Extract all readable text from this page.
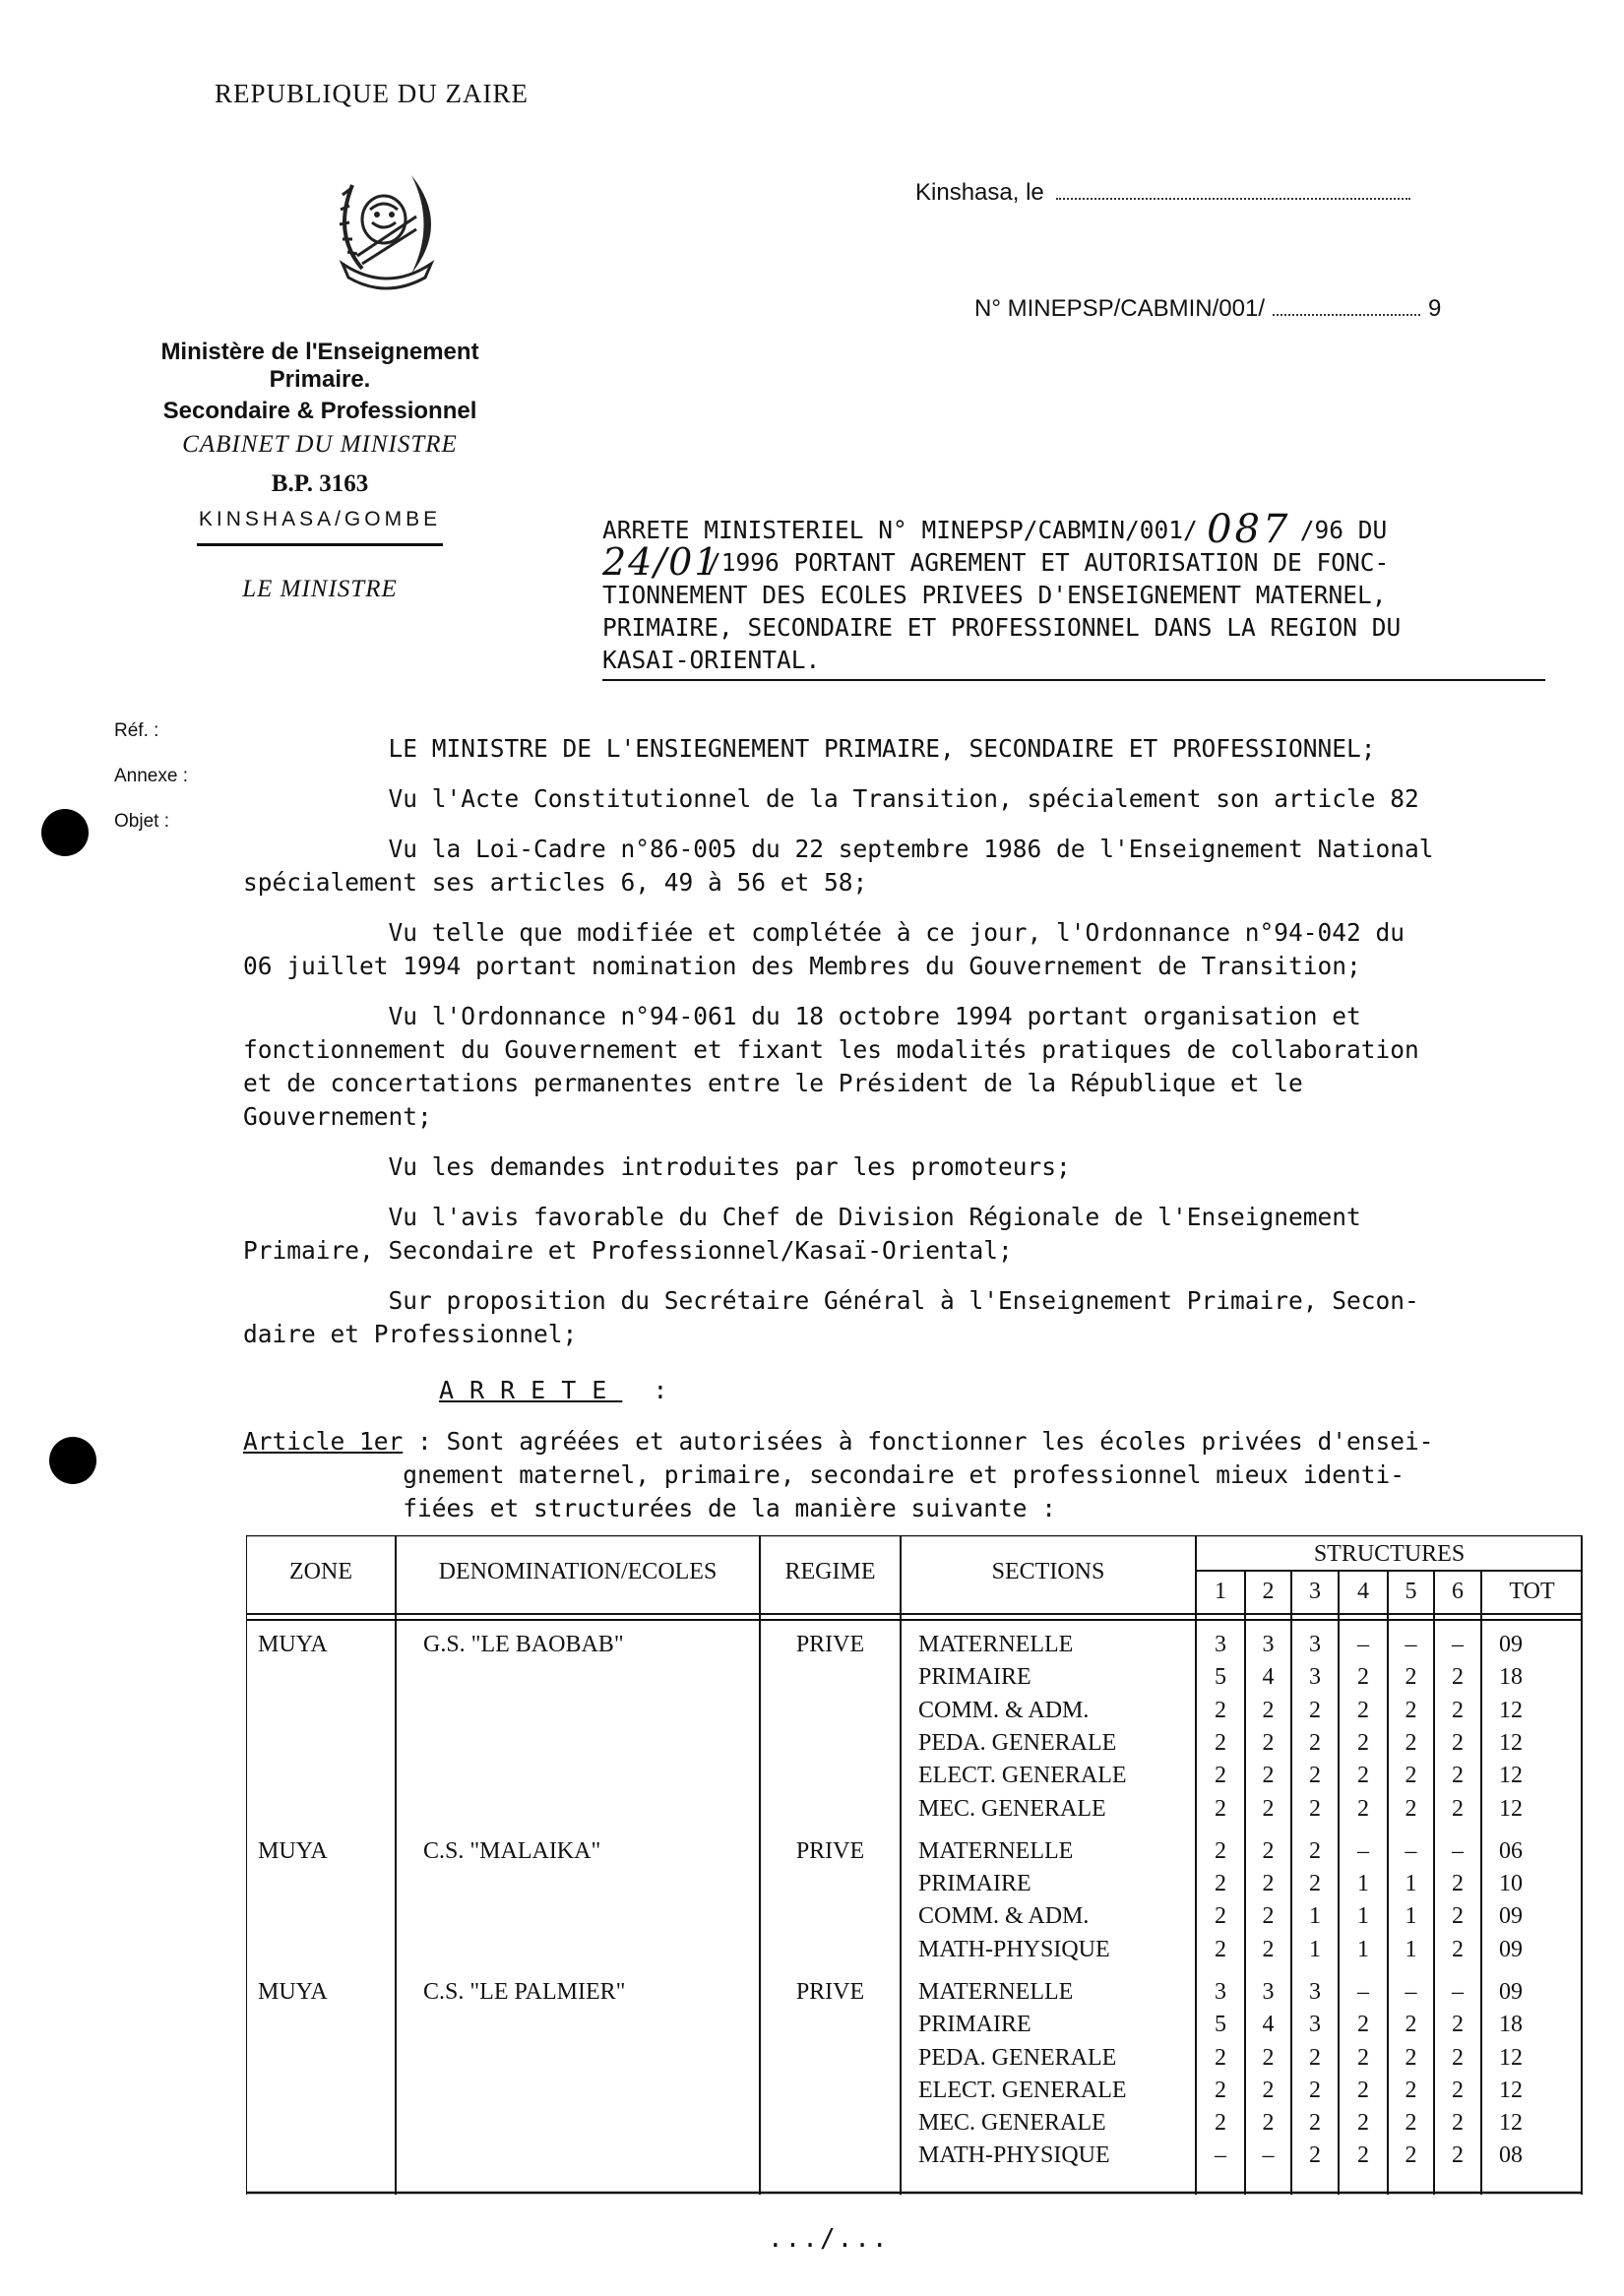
REPUBLIQUE DU ZAIRE
Kinshasa, le
N° MINEPSP/CABMIN/001/	9
Ministère de l'Enseignement Primaire.
Secondaire & Professionnel
CABINET DU MINISTRE
B.P. 3163
KINSHASA/GOMBE
LE MINISTRE
Réf. :
Annexe :
Objet :
ARRETE MINISTERIEL N° MINEPSP/CABMIN/001/ 087 /96 DU
24/01/1996 PORTANT AGREMENT ET AUTORISATION DE FONC-
TIONNEMENT DES ECOLES PRIVEES D'ENSEIGNEMENT MATERNEL,
PRIMAIRE, SECONDAIRE ET PROFESSIONNEL DANS LA REGION DU
KASAI-ORIENTAL.

LE MINISTRE DE L'ENSIEGNEMENT PRIMAIRE, SECONDAIRE ET PROFESSIONNEL;

Vu l'Acte Constitutionnel de la Transition, spécialement son article 82

Vu la Loi-Cadre n°86-005 du 22 septembre 1986 de l'Enseignement National
spécialement ses articles 6, 49 à 56 et 58;

Vu telle que modifiée et complétée à ce jour, l'Ordonnance n°94-042 du
06 juillet 1994 portant nomination des Membres du Gouvernement de Transition;

Vu l'Ordonnance n°94-061 du 18 octobre 1994 portant organisation et
fonctionnement du Gouvernement et fixant les modalités pratiques de collaboration
et de concertations permanentes entre le Président de la République et le
Gouvernement;

Vu les demandes introduites par les promoteurs;

Vu l'avis favorable du Chef de Division Régionale de l'Enseignement
Primaire, Secondaire et Professionnel/Kasaï-Oriental;

Sur proposition du Secrétaire Général à l'Enseignement Primaire, Secon-
daire et Professionnel;

ARRETE :
Article 1er : Sont agréées et autorisées à fonctionner les écoles privées d'ensei-
gnement maternel, primaire, secondaire et professionnel mieux identi-
fiées et structurées de la manière suivante :
ZONE	DENOMINATION/ECOLES	REGIME	SECTIONS
STRUCTURES
1	2	3	4	5	6	TOT
MUYA	G.S. "LE BAOBAB"	PRIVE	MATERNELLE	3	3	3	–	–	–	09
PRIMAIRE	5	4	3	2	2	2	18
COMM. & ADM.	2	2	2	2	2	2	12
PEDA. GENERALE	2	2	2	2	2	2	12
ELECT. GENERALE	2	2	2	2	2	2	12
MEC. GENERALE	2	2	2	2	2	2	12
MUYA	C.S. "MALAIKA"	PRIVE	MATERNELLE	2	2	2	–	–	–	06
PRIMAIRE	2	2	2	1	1	2	10
COMM. & ADM.	2	2	1	1	1	2	09
MATH-PHYSIQUE	2	2	1	1	1	2	09
MUYA	C.S. "LE PALMIER"	PRIVE	MATERNELLE	3	3	3	–	–	–	09
PRIMAIRE	5	4	3	2	2	2	18
PEDA. GENERALE	2	2	2	2	2	2	12
ELECT. GENERALE	2	2	2	2	2	2	12
MEC. GENERALE	2	2	2	2	2	2	12
MATH-PHYSIQUE	–	–	2	2	2	2	08
.../...
